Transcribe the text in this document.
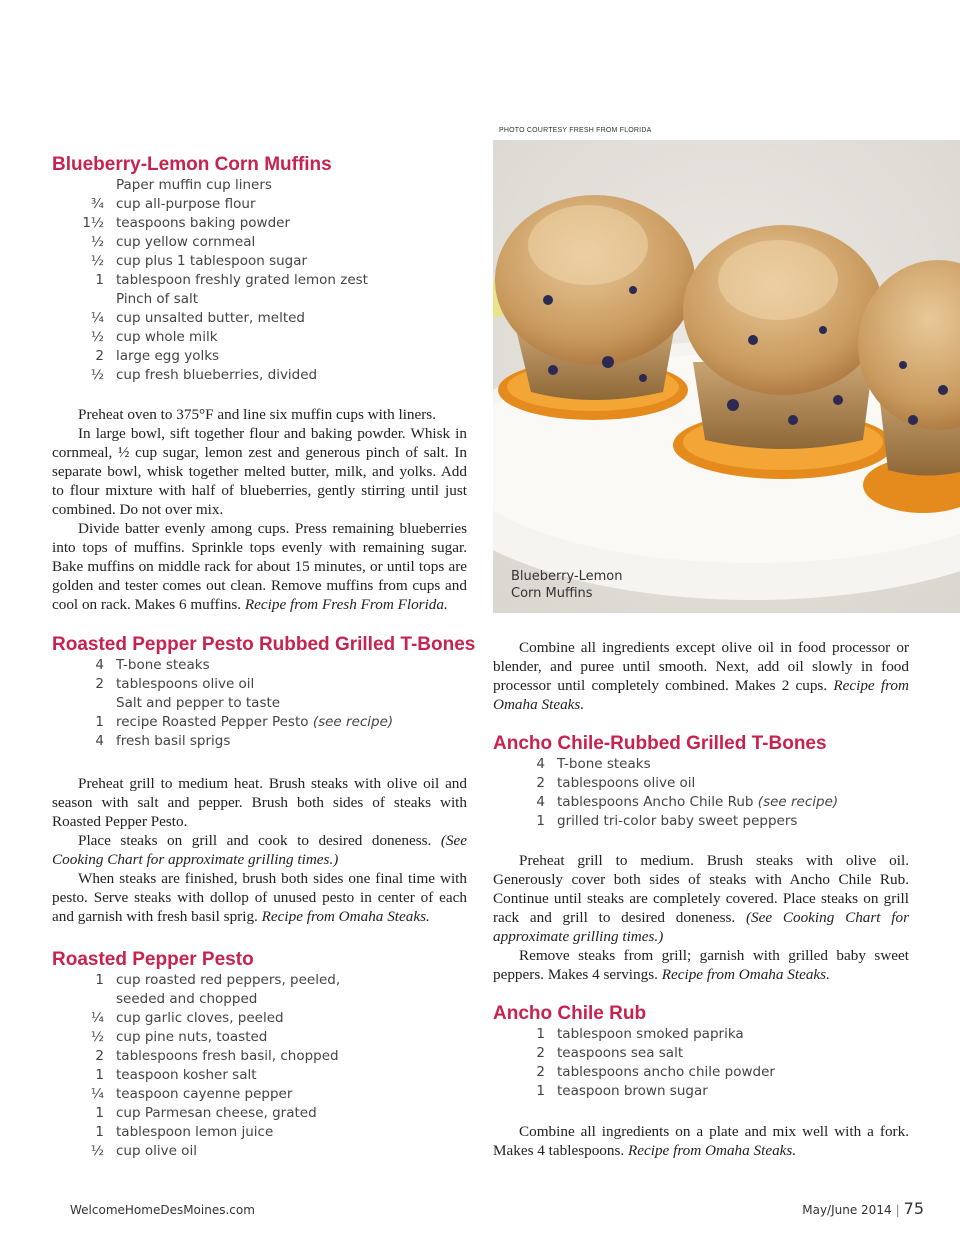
PHOTO COURTESY FRESH FROM FLORIDA
Blueberry-Lemon
Corn Muffins
Blueberry-Lemon Corn Muffins
Paper muffin cup liners
¾ cup all-purpose flour
1½ teaspoons baking powder
½ cup yellow cornmeal
½ cup plus 1 tablespoon sugar
1 tablespoon freshly grated lemon zest
Pinch of salt
¼ cup unsalted butter, melted
½ cup whole milk
2 large egg yolks
½ cup fresh blueberries, divided

Preheat oven to 375°F and line six muffin cups with liners.

In large bowl, sift together flour and baking powder. Whisk in cornmeal, ½ cup sugar, lemon zest and generous pinch of salt. In separate bowl, whisk together melted butter, milk, and yolks. Add to flour mixture with half of blueberries, gently stirring until just combined. Do not over mix.

Divide batter evenly among cups. Press remaining blueberries into tops of muffins. Sprinkle tops evenly with remaining sugar. Bake muffins on middle rack for about 15 minutes, or until tops are golden and tester comes out clean. Remove muffins from cups and cool on rack. Makes 6 muffins. Recipe from Fresh From Florida.

Roasted Pepper Pesto Rubbed Grilled T-Bones
4 T-bone steaks
2 tablespoons olive oil
Salt and pepper to taste
1 recipe Roasted Pepper Pesto
(see recipe)
4 fresh basil sprigs

Preheat grill to medium heat. Brush steaks with olive oil and season with salt and pepper. Brush both sides of steaks with Roasted Pepper Pesto.

Place steaks on grill and cook to desired doneness. (See Cooking Chart for approximate grilling times.)

When steaks are finished, brush both sides one final time with pesto. Serve steaks with dollop of unused pesto in center of each and garnish with fresh basil sprig. Recipe from Omaha Steaks.

Roasted Pepper Pesto
1 cup roasted red peppers, peeled,
seeded and chopped
¼ cup garlic cloves, peeled
½ cup pine nuts, toasted
2 tablespoons fresh basil, chopped
1 teaspoon kosher salt
¼ teaspoon cayenne pepper
1 cup Parmesan cheese, grated
1 tablespoon lemon juice
½ cup olive oil

Combine all ingredients except olive oil in food processor or blender, and puree until smooth. Next, add oil slowly in food processor until completely combined. Makes 2 cups. Recipe from Omaha Steaks.

Ancho Chile-Rubbed Grilled T-Bones
4 T-bone steaks
2 tablespoons olive oil
4 tablespoons Ancho Chile Rub
(see recipe)
1 grilled tri-color baby sweet peppers

Preheat grill to medium. Brush steaks with olive oil. Generously cover both sides of steaks with Ancho Chile Rub. Continue until steaks are completely covered. Place steaks on grill rack and grill to desired doneness. (See Cooking Chart for approximate grilling times.)

Remove steaks from grill; garnish with grilled baby sweet peppers. Makes 4 servings. Recipe from Omaha Steaks.

Ancho Chile Rub
1 tablespoon smoked paprika
2 teaspoons sea salt
2 tablespoons ancho chile powder
1 teaspoon brown sugar

Combine all ingredients on a plate and mix well with a fork. Makes 4 tablespoons. Recipe from Omaha Steaks.

WelcomeHomeDesMoines.com	May/June 2014 | 75
